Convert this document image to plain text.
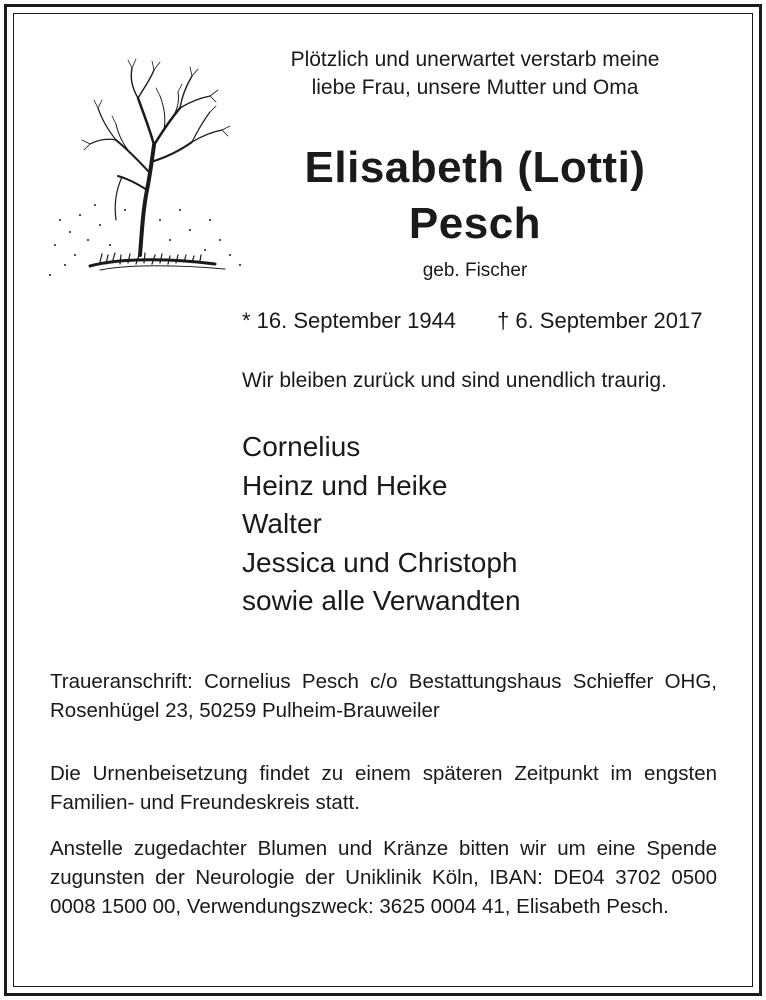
Plötzlich und unerwartet verstarb meine
liebe Frau, unsere Mutter und Oma
Elisabeth (Lotti)
Pesch
geb. Fischer
* 16. September 1944 † 6. September 2017
Wir bleiben zurück und sind unendlich traurig.
Cornelius
Heinz und Heike
Walter
Jessica und Christoph
sowie alle Verwandten
Traueranschrift: Cornelius Pesch c/o Bestattungshaus Schieffer OHG, Rosenhügel 23, 50259 Pulheim-Brauweiler
Die Urnenbeisetzung findet zu einem späteren Zeitpunkt im engsten Familien- und Freundeskreis statt.
Anstelle zugedachter Blumen und Kränze bitten wir um eine Spende zugunsten der Neurologie der Uniklinik Köln, IBAN: DE04 3702 0500 0008 1500 00, Verwendungszweck: 3625 0004 41, Elisabeth Pesch.
